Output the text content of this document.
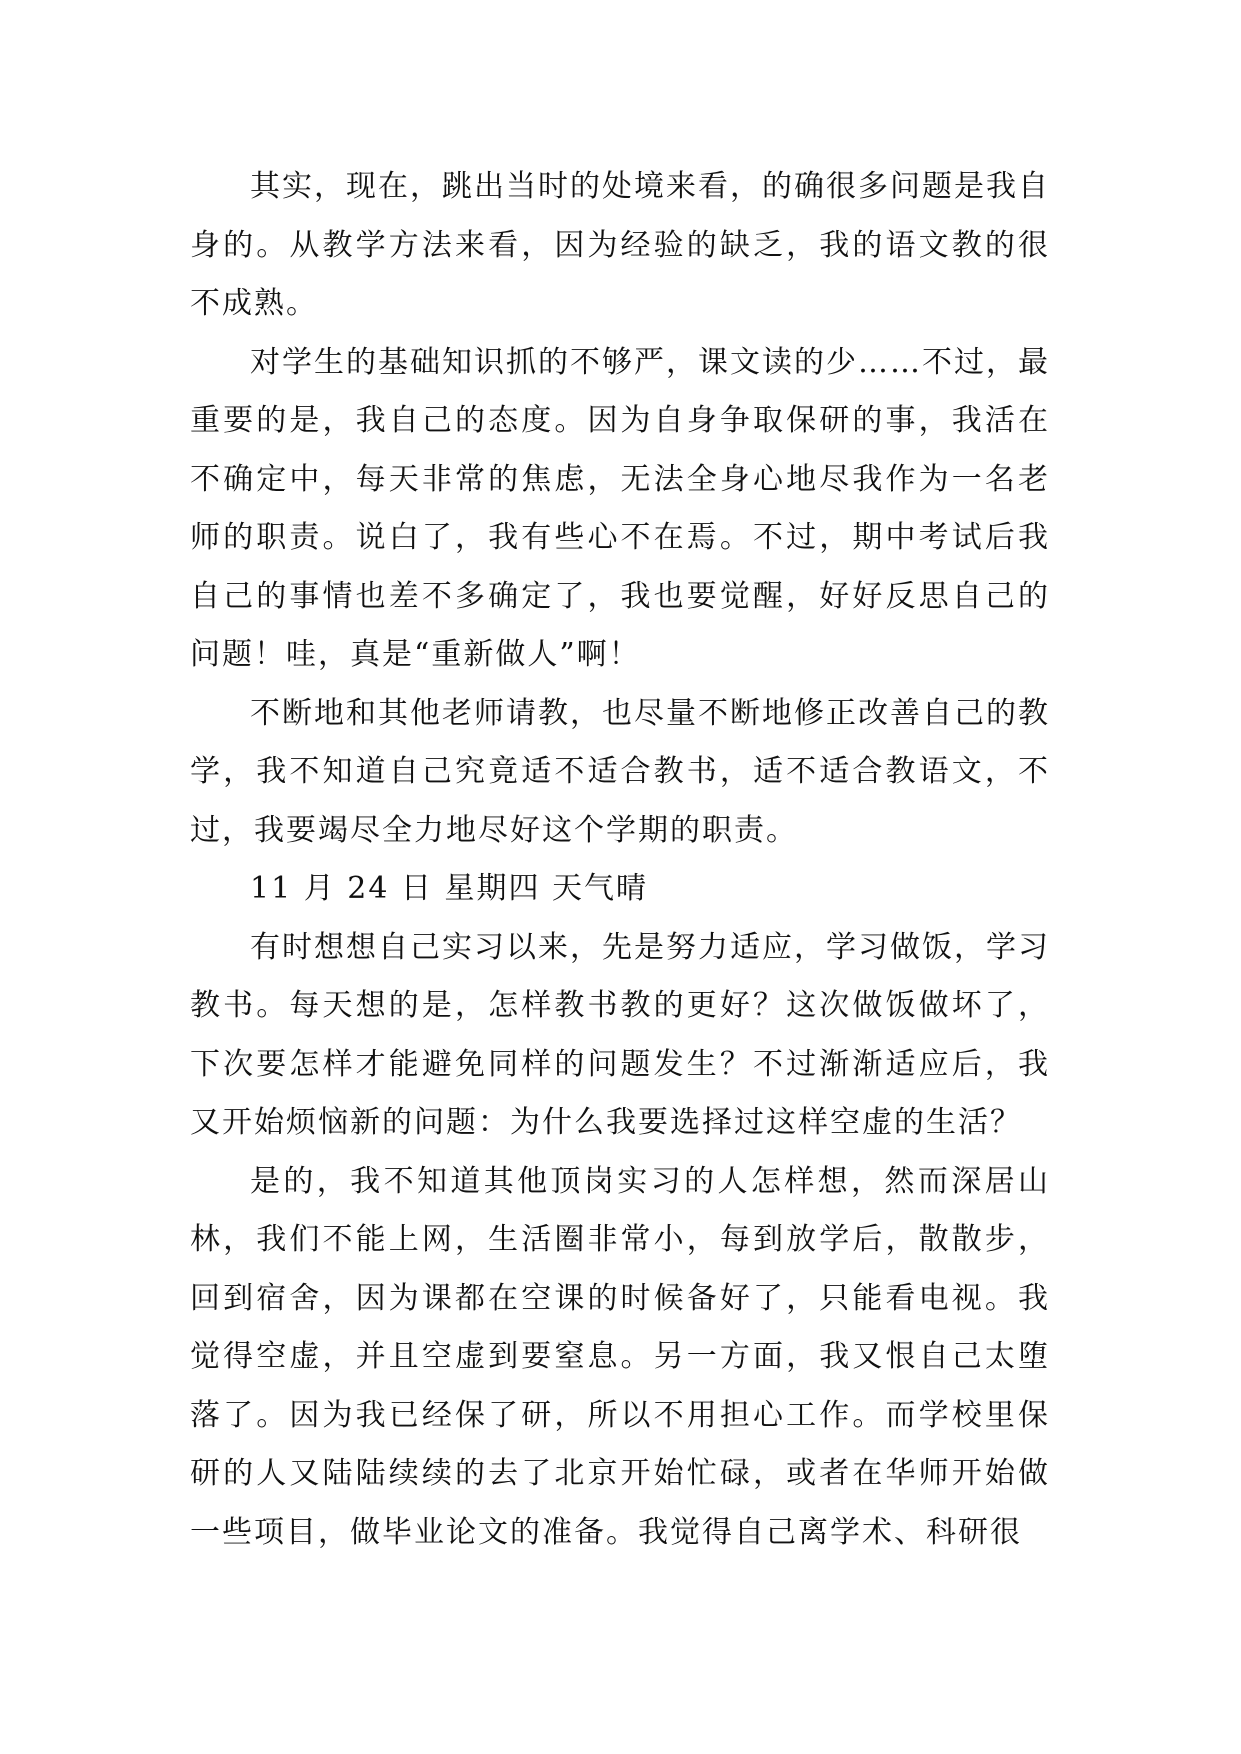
其实，现在，跳出当时的处境来看，的确很多问题是我自身的。从教学方法来看，因为经验的缺乏，我的语文教的很不成熟。

对学生的基础知识抓的不够严，课文读的少……不过，最重要的是，我自己的态度。因为自身争取保研的事，我活在不确定中，每天非常的焦虑，无法全身心地尽我作为一名老师的职责。说白了，我有些心不在焉。不过，期中考试后我自己的事情也差不多确定了，我也要觉醒，好好反思自己的问题！哇，真是“重新做人”啊！

不断地和其他老师请教，也尽量不断地修正改善自己的教学，我不知道自己究竟适不适合教书，适不适合教语文，不过，我要竭尽全力地尽好这个学期的职责。

11 月 24 日 星期四 天气晴

有时想想自己实习以来，先是努力适应，学习做饭，学习教书。每天想的是，怎样教书教的更好？这次做饭做坏了，下次要怎样才能避免同样的问题发生？不过渐渐适应后，我又开始烦恼新的问题：为什么我要选择过这样空虚的生活？

是的，我不知道其他顶岗实习的人怎样想，然而深居山林，我们不能上网，生活圈非常小，每到放学后，散散步，回到宿舍，因为课都在空课的时候备好了，只能看电视。我觉得空虚，并且空虚到要窒息。另一方面，我又恨自己太堕落了。因为我已经保了研，所以不用担心工作。而学校里保研的人又陆陆续续的去了北京开始忙碌，或者在华师开始做一些项目，做毕业论文的准备。我觉得自己离学术、科研很
